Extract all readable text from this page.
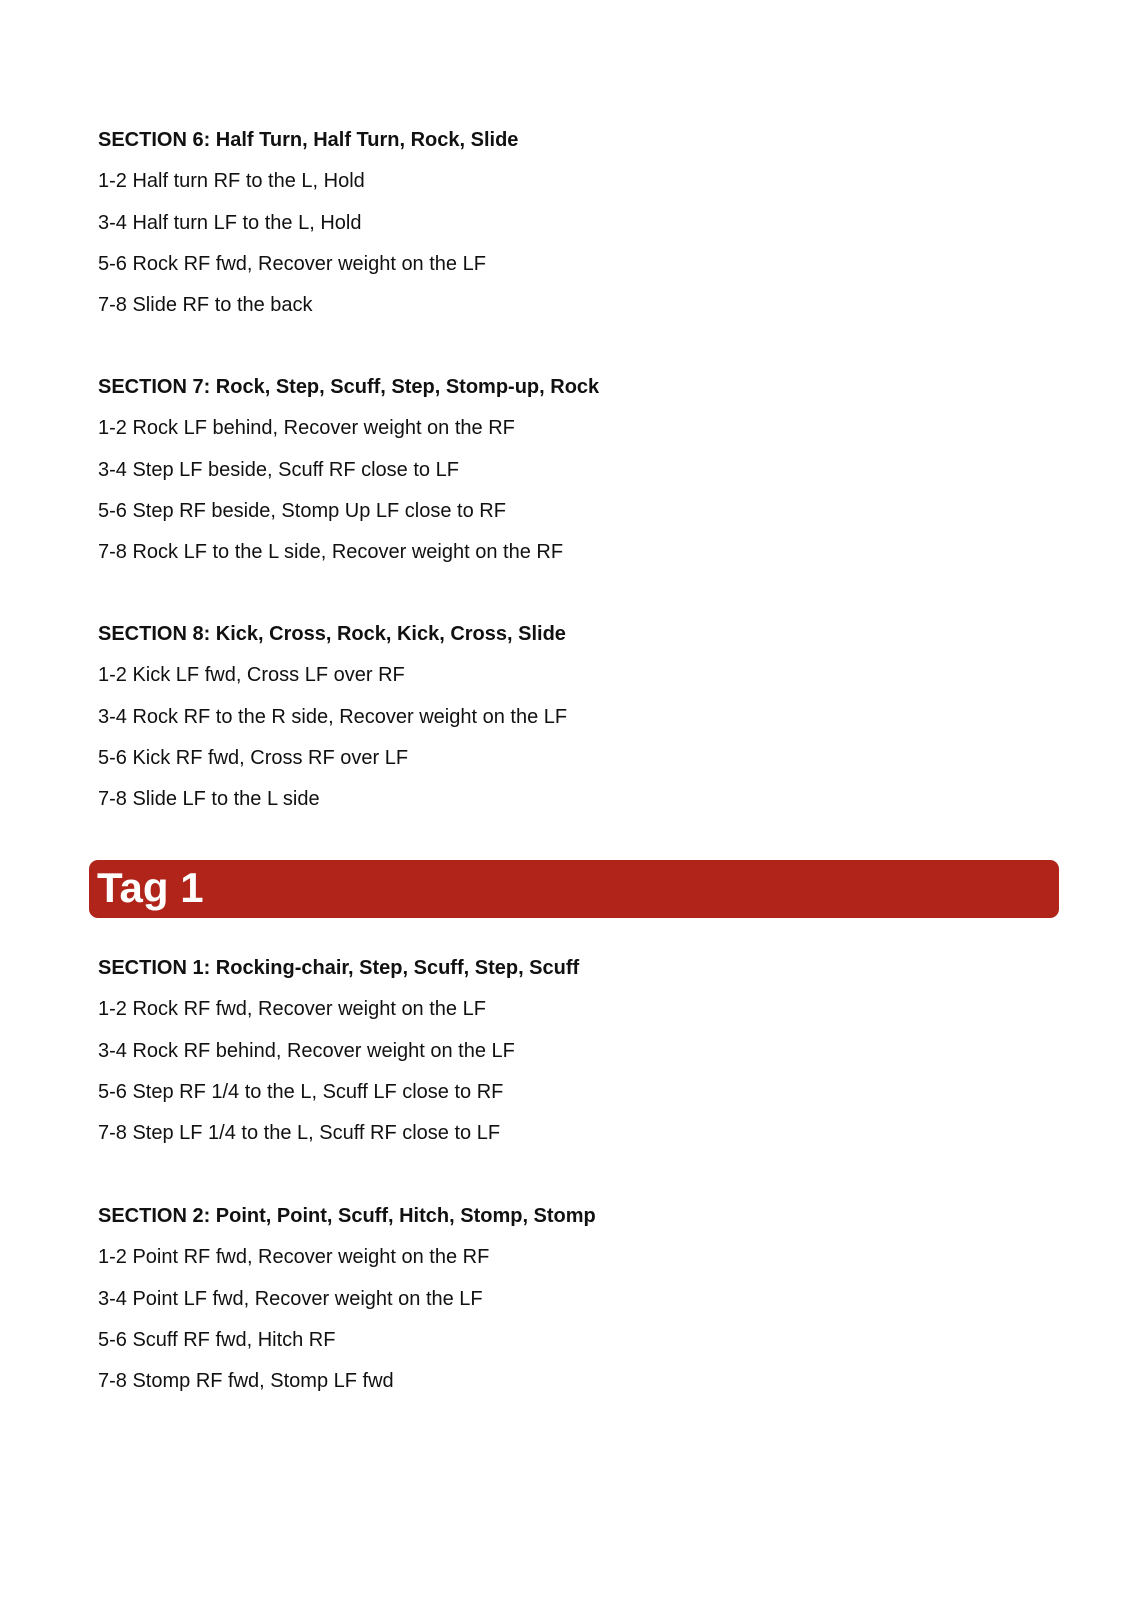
SECTION 6: Half Turn, Half Turn, Rock, Slide
1-2 Half turn RF to the L, Hold
3-4 Half turn LF to the L, Hold
5-6 Rock RF fwd, Recover weight on the LF
7-8 Slide RF to the back
SECTION 7: Rock, Step, Scuff, Step, Stomp-up, Rock
1-2 Rock LF behind, Recover weight on the RF
3-4 Step LF beside, Scuff RF close to LF
5-6 Step RF beside, Stomp Up LF close to RF
7-8 Rock LF to the L side, Recover weight on the RF
SECTION 8: Kick, Cross, Rock, Kick, Cross, Slide
1-2 Kick LF fwd, Cross LF over RF
3-4 Rock RF to the R side, Recover weight on the LF
5-6 Kick RF fwd, Cross RF over LF
7-8 Slide LF to the L side
Tag 1
SECTION 1: Rocking-chair, Step, Scuff, Step, Scuff
1-2 Rock RF fwd, Recover weight on the LF
3-4 Rock RF behind, Recover weight on the LF
5-6 Step RF 1/4 to the L, Scuff LF close to RF
7-8 Step LF 1/4 to the L, Scuff RF close to LF
SECTION 2: Point, Point, Scuff, Hitch, Stomp, Stomp
1-2 Point RF fwd, Recover weight on the RF
3-4 Point LF fwd, Recover weight on the LF
5-6 Scuff RF fwd, Hitch RF
7-8 Stomp RF fwd, Stomp LF fwd
